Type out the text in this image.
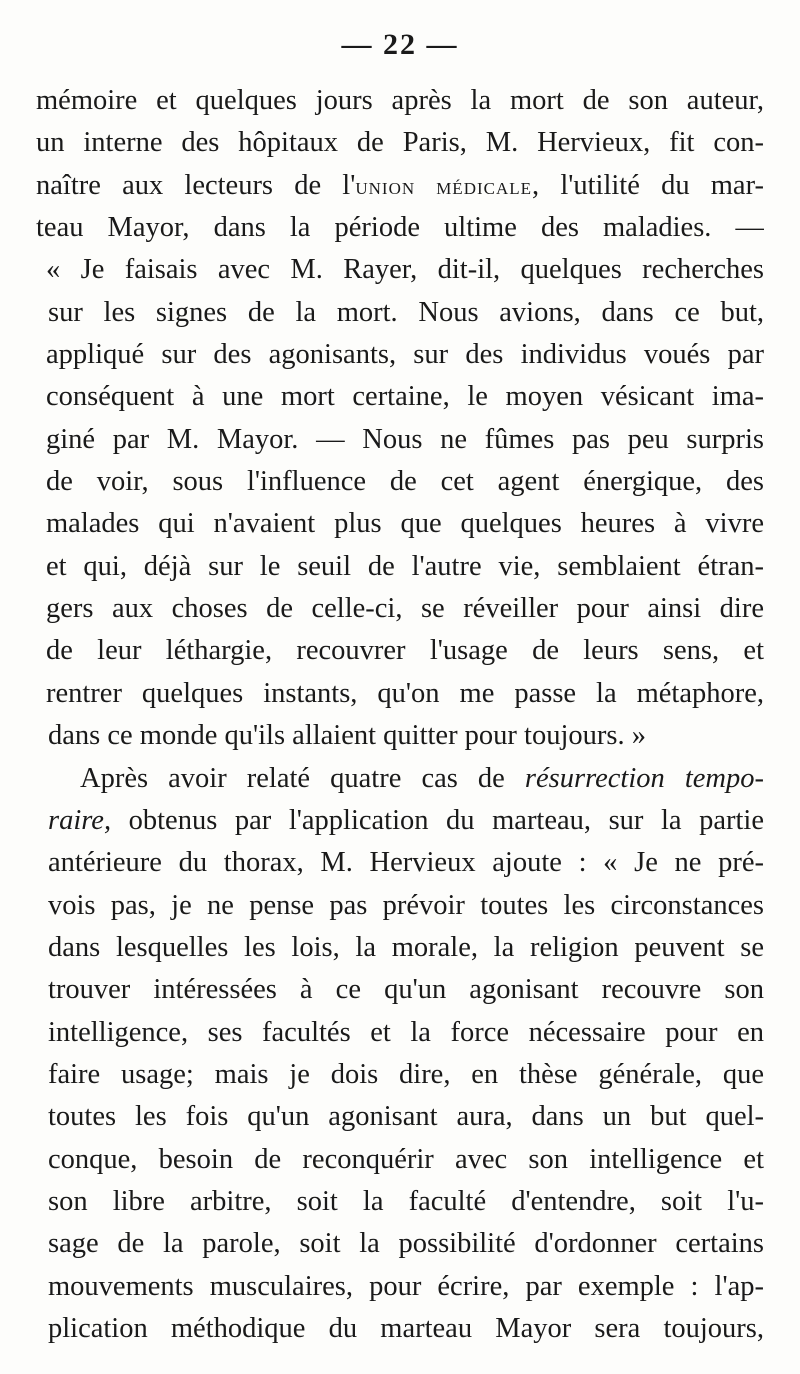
— 22 —
mémoire et quelques jours après la mort de son auteur,
un interne des hôpitaux de Paris, M. Hervieux, fit con-
naître aux lecteurs de l'union médicale, l'utilité du mar-
teau Mayor, dans la période ultime des maladies. —
« Je faisais avec M. Rayer, dit-il, quelques recherches
sur les signes de la mort. Nous avions, dans ce but,
appliqué sur des agonisants, sur des individus voués par
conséquent à une mort certaine, le moyen vésicant ima-
giné par M. Mayor. — Nous ne fûmes pas peu surpris
de voir, sous l'influence de cet agent énergique, des
malades qui n'avaient plus que quelques heures à vivre
et qui, déjà sur le seuil de l'autre vie, semblaient étran-
gers aux choses de celle-ci, se réveiller pour ainsi dire
de leur léthargie, recouvrer l'usage de leurs sens, et
rentrer quelques instants, qu'on me passe la métaphore,
dans ce monde qu'ils allaient quitter pour toujours. »
Après avoir relaté quatre cas de résurrection tempo-
raire, obtenus par l'application du marteau, sur la partie
antérieure du thorax, M. Hervieux ajoute : « Je ne pré-
vois pas, je ne pense pas prévoir toutes les circonstances
dans lesquelles les lois, la morale, la religion peuvent se
trouver intéressées à ce qu'un agonisant recouvre son
intelligence, ses facultés et la force nécessaire pour en
faire usage; mais je dois dire, en thèse générale, que
toutes les fois qu'un agonisant aura, dans un but quel-
conque, besoin de reconquérir avec son intelligence et
son libre arbitre, soit la faculté d'entendre, soit l'u-
sage de la parole, soit la possibilité d'ordonner certains
mouvements musculaires, pour écrire, par exemple : l'ap-
plication méthodique du marteau Mayor sera toujours,
